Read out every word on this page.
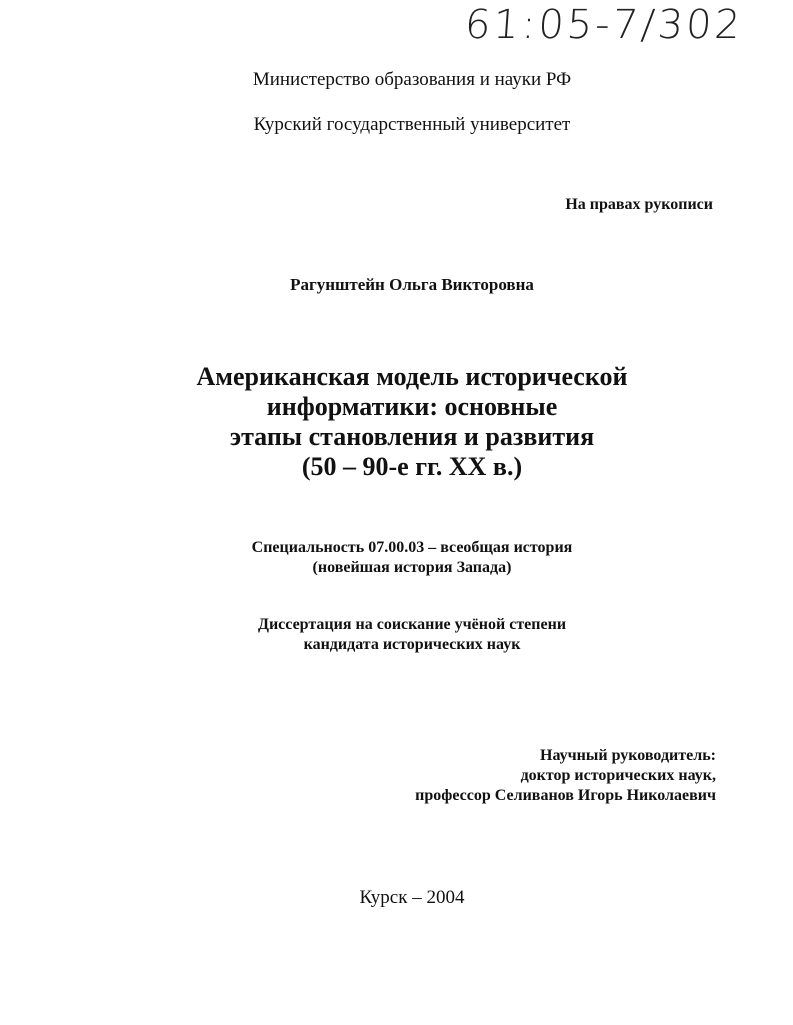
61:05-7/302
Министерство образования и науки РФ
Курский государственный университет
На правах рукописи
Рагунштейн Ольга Викторовна
Американская модель исторической
информатики: основные
этапы становления и развития
(50 – 90-е гг. XX в.)
Специальность 07.00.03 – всеобщая история
(новейшая история Запада)
Диссертация на соискание учёной степени
кандидата исторических наук
Научный руководитель:
доктор исторических наук,
профессор Селиванов Игорь Николаевич
Курск – 2004
